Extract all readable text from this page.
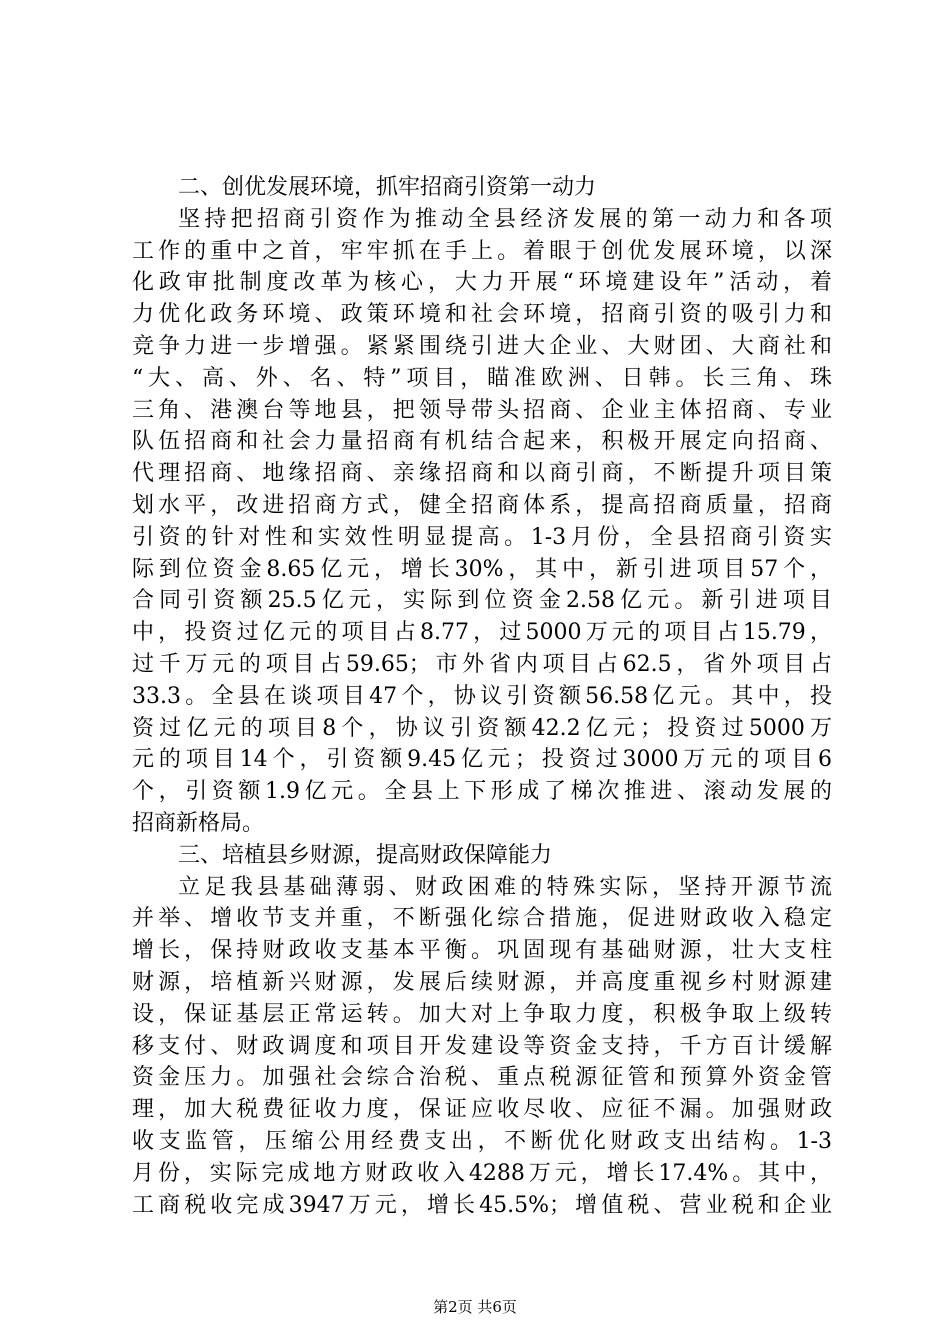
二、创优发展环境，抓牢招商引资第一动力
坚持把招商引资作为推动全县经济发展的第一动力和各项
工作的重中之首，牢牢抓在手上。着眼于创优发展环境，以深
化政审批制度改革为核心，大力开展“环境建设年”活动，着
力优化政务环境、政策环境和社会环境，招商引资的吸引力和
竞争力进一步增强。紧紧围绕引进大企业、大财团、大商社和
“大、高、外、名、特”项目，瞄准欧洲、日韩。长三角、珠
三角、港澳台等地县，把领导带头招商、企业主体招商、专业
队伍招商和社会力量招商有机结合起来，积极开展定向招商、
代理招商、地缘招商、亲缘招商和以商引商，不断提升项目策
划水平，改进招商方式，健全招商体系，提高招商质量，招商
引资的针对性和实效性明显提高。1-3月份，全县招商引资实
际到位资金8.65亿元，增长30%，其中，新引进项目57个，
合同引资额25.5亿元，实际到位资金2.58亿元。新引进项目
中，投资过亿元的项目占8.77，过5000万元的项目占15.79，
过千万元的项目占59.65；市外省内项目占62.5，省外项目占
33.3。全县在谈项目47个，协议引资额56.58亿元。其中，投
资过亿元的项目8个，协议引资额42.2亿元；投资过5000万
元的项目14个，引资额9.45亿元；投资过3000万元的项目6
个，引资额1.9亿元。全县上下形成了梯次推进、滚动发展的
招商新格局。
三、培植县乡财源，提高财政保障能力
立足我县基础薄弱、财政困难的特殊实际，坚持开源节流
并举、增收节支并重，不断强化综合措施，促进财政收入稳定
增长，保持财政收支基本平衡。巩固现有基础财源，壮大支柱
财源，培植新兴财源，发展后续财源，并高度重视乡村财源建
设，保证基层正常运转。加大对上争取力度，积极争取上级转
移支付、财政调度和项目开发建设等资金支持，千方百计缓解
资金压力。加强社会综合治税、重点税源征管和预算外资金管
理，加大税费征收力度，保证应收尽收、应征不漏。加强财政
收支监管，压缩公用经费支出，不断优化财政支出结构。1-3
月份，实际完成地方财政收入4288万元，增长17.4%。其中，
工商税收完成3947万元，增长45.5%；增值税、营业税和企业
第2页 共6页
